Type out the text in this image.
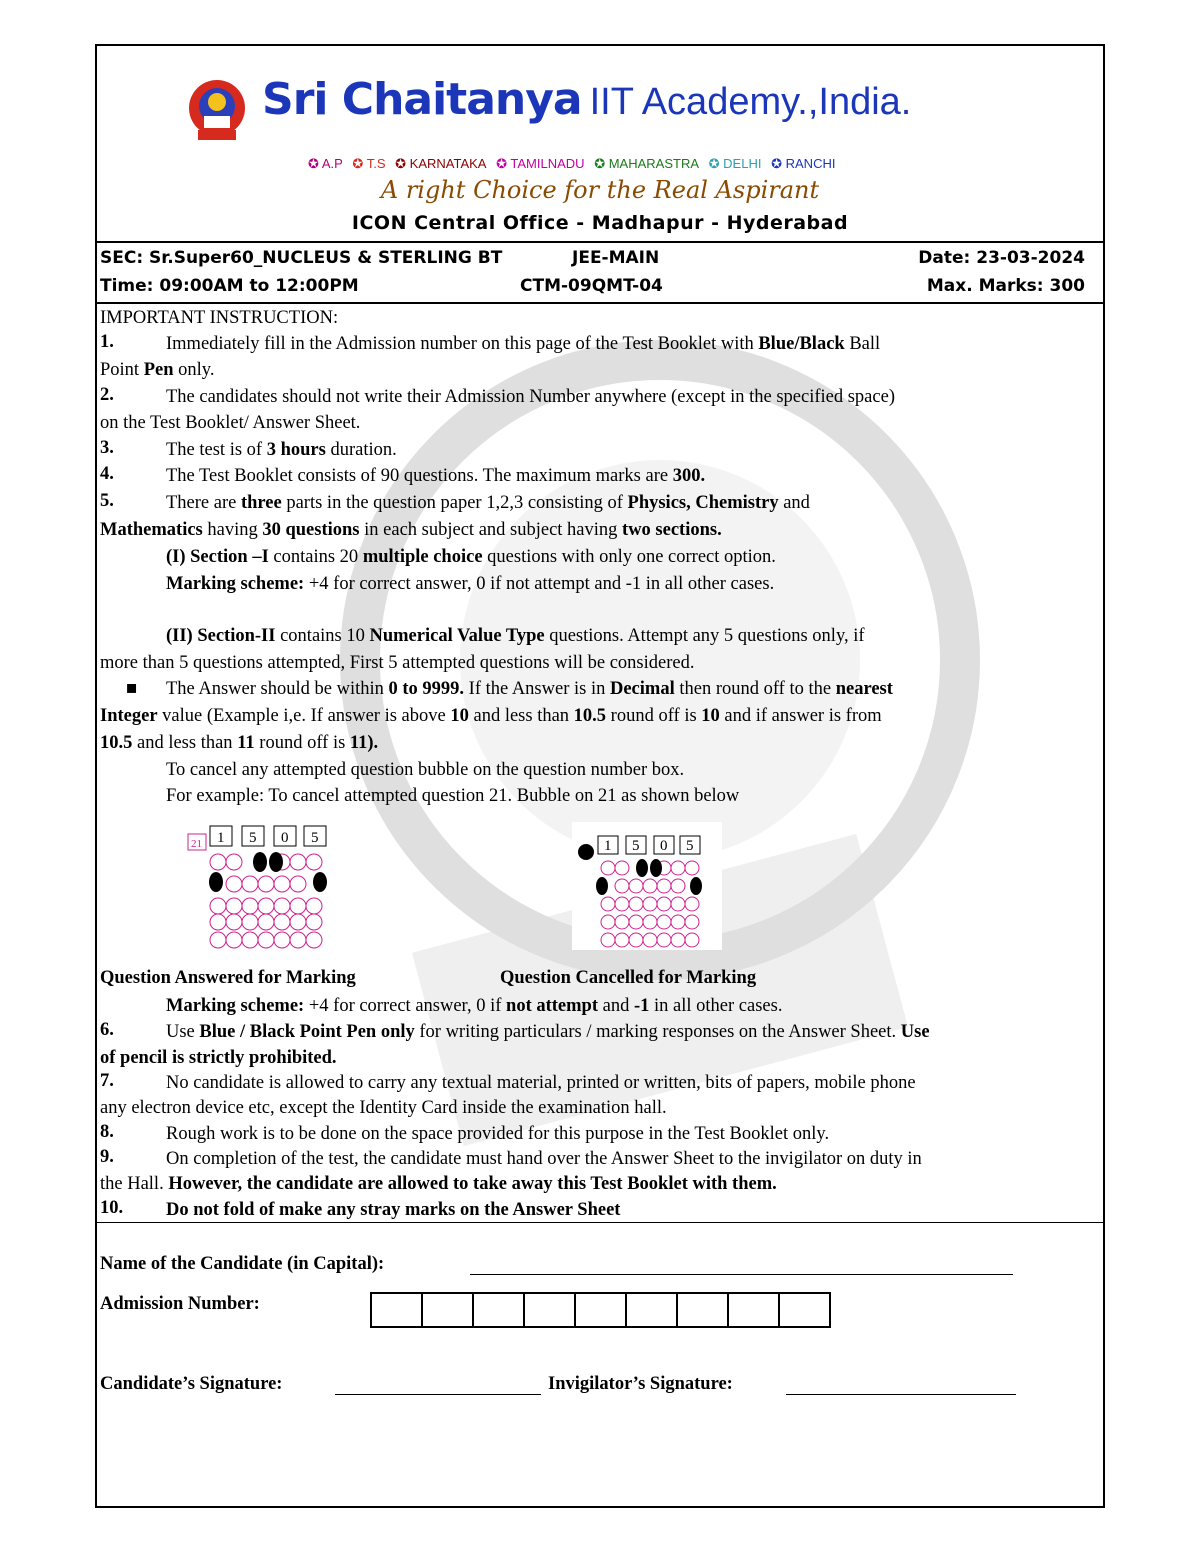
Sri Chaitanya IIT Academy.,India.
✪ A.P ✪ T.S ✪ KARNATAKA ✪ TAMILNADU ✪ MAHARASTRA ✪ DELHI ✪ RANCHI
A right Choice for the Real Aspirant
ICON Central Office - Madhapur - Hyderabad
SEC: Sr.Super60_NUCLEUS & STERLING BT	JEE-MAIN	Date: 23-03-2024
Time: 09:00AM to 12:00PM	CTM-09QMT-04	Max. Marks: 300
IMPORTANT INSTRUCTION:
1.	Immediately fill in the Admission number on this page of the Test Booklet with Blue/Black Ball
Point Pen only.
2.	The candidates should not write their Admission Number anywhere (except in the specified space)
on the Test Booklet/ Answer Sheet.
3.	The test is of 3 hours duration.
4.	The Test Booklet consists of 90 questions. The maximum marks are 300.
5.	There are three parts in the question paper 1,2,3 consisting of Physics, Chemistry and
Mathematics having 30 questions in each subject and subject having two sections.
(I) Section –I contains 20 multiple choice questions with only one correct option.
Marking scheme: +4 for correct answer, 0 if not attempt and -1 in all other cases.
(II) Section-II contains 10 Numerical Value Type questions. Attempt any 5 questions only, if
more than 5 questions attempted, First 5 attempted questions will be considered.
■ The Answer should be within 0 to 9999. If the Answer is in Decimal then round off to the nearest
Integer value (Example i,e. If answer is above 10 and less than 10.5 round off is 10 and if answer is from
10.5 and less than 11 round off is 11).
To cancel any attempted question bubble on the question number box.
For example: To cancel attempted question 21. Bubble on 21 as shown below
21 1 5 0 5	1 5 0 5
Question Answered for Marking	Question Cancelled for Marking
Marking scheme: +4 for correct answer, 0 if not attempt and -1 in all other cases.
6.	Use Blue / Black Point Pen only for writing particulars / marking responses on the Answer Sheet. Use
of pencil is strictly prohibited.
7.	No candidate is allowed to carry any textual material, printed or written, bits of papers, mobile phone
any electron device etc, except the Identity Card inside the examination hall.
8.	Rough work is to be done on the space provided for this purpose in the Test Booklet only.
9.	On completion of the test, the candidate must hand over the Answer Sheet to the invigilator on duty in
the Hall. However, the candidate are allowed to take away this Test Booklet with them.
10. Do not fold of make any stray marks on the Answer Sheet
Name of the Candidate (in Capital):
Admission Number:
Candidate’s Signature:	Invigilator’s Signature:
